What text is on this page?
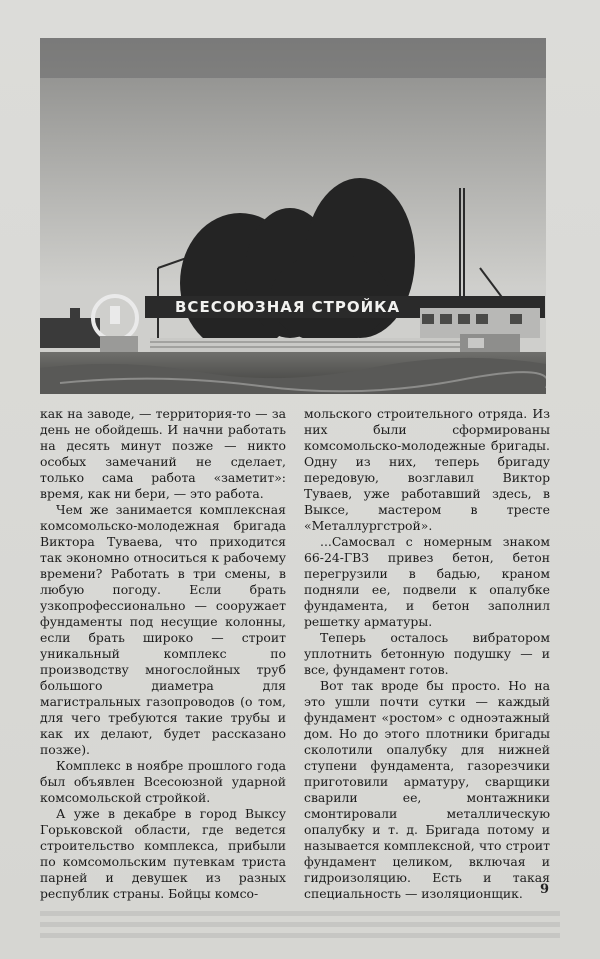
ВСЕСОЮЗНАЯ СТРОЙКА

как на заводе, — территория-то — за день не обойдешь. И начни работать на десять минут позже — никто особых замечаний не сделает, только сама работа «заметит»: время, как ни бери, — это работа.

Чем же занимается комплексная комсомольско-молодежная бригада Виктора Туваева, что приходится так экономно относиться к рабочему времени? Работать в три смены, в любую погоду. Если брать узкопрофессионально — сооружает фундаменты под несущие колонны, если брать широко — строит уникальный комплекс по производству многослойных труб большого диаметра для магистральных газопроводов (о том, для чего требуются такие трубы и как их делают, будет рассказано позже).

Комплекс в ноябре прошлого года был объявлен Всесоюзной ударной комсомольской стройкой.

А уже в декабре в город Выксу Горьковской области, где ведется строительство комплекса, прибыли по комсомольским путевкам триста парней и девушек из разных республик страны. Бойцы комсо-

мольского строительного отряда. Из них были сформированы комсомольско-молодежные бригады. Одну из них, теперь бригаду передовую, возглавил Виктор Туваев, уже работавший здесь, в Выксе, мастером в тресте «Металлургстрой».

...Самосвал с номерным знаком 66-24-ГВЗ привез бетон, бетон перегрузили в бадью, краном подняли ее, подвели к опалубке фундамента, и бетон заполнил решетку арматуры.

Теперь осталось вибратором уплотнить бетонную подушку — и все, фундамент готов.

Вот так вроде бы просто. Но на это ушли почти сутки — каждый фундамент «ростом» с одноэтажный дом. Но до этого плотники бригады сколотили опалубку для нижней ступени фундамента, газорезчики приготовили арматуру, сварщики сварили ее, монтажники смонтировали металлическую опалубку и т. д. Бригада потому и называется комплексной, что строит фундамент целиком, включая и гидроизоляцию. Есть и такая специальность — изоляционщик.	9
